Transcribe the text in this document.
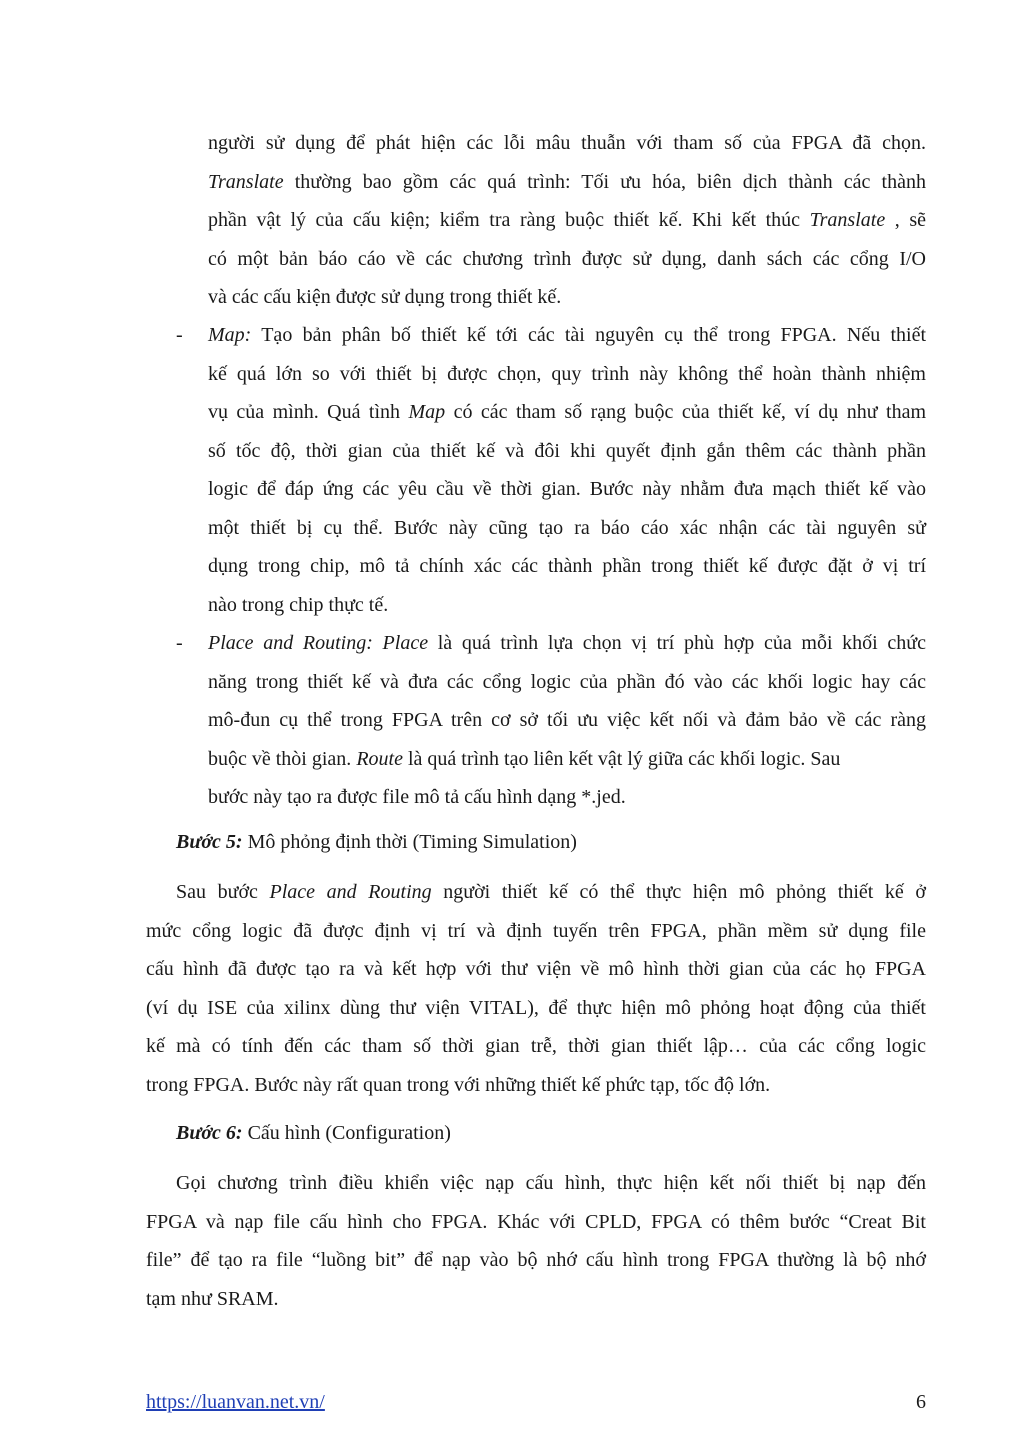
người sử dụng để phát hiện các lỗi mâu thuẫn với tham số của FPGA đã chọn.
Translate thường bao gồm các quá trình: Tối ưu hóa, biên dịch thành các thành
phần vật lý của cấu kiện; kiểm tra ràng buộc thiết kế. Khi kết thúc Translate , sẽ
có một bản báo cáo về các chương trình được sử dụng, danh sách các cổng I/O
và các cấu kiện được sử dụng trong thiết kế.
-	Map: Tạo bản phân bố thiết kế tới các tài nguyên cụ thể trong FPGA. Nếu thiết
kế quá lớn so với thiết bị được chọn, quy trình này không thể hoàn thành nhiệm
vụ của mình. Quá tình Map có các tham số rạng buộc của thiết kế, ví dụ như tham
số tốc độ, thời gian của thiết kế và đôi khi quyết định gắn thêm các thành phần
logic để đáp ứng các yêu cầu về thời gian. Bước này nhằm đưa mạch thiết kế vào
một thiết bị cụ thể. Bước này cũng tạo ra báo cáo xác nhận các tài nguyên sử
dụng trong chip, mô tả chính xác các thành phần trong thiết kế được đặt ở vị trí
nào trong chip thực tế.
-	Place and Routing: Place là quá trình lựa chọn vị trí phù hợp của mỗi khối chức
năng trong thiết kế và đưa các cổng logic của phần đó vào các khối logic hay các
mô-đun cụ thể trong FPGA trên cơ sở tối ưu việc kết nối và đảm bảo về các ràng
buộc về thòi gian. Route là quá trình tạo liên kết vật lý giữa các khối logic. Sau
bước này tạo ra được file mô tả cấu hình dạng *.jed.
Bước 5: Mô phỏng định thời (Timing Simulation)
Sau bước Place and Routing người thiết kế có thể thực hiện mô phỏng thiết kế ở
mức cổng logic đã được định vị trí và định tuyến trên FPGA, phần mềm sử dụng file
cấu hình đã được tạo ra và kết hợp với thư viện về mô hình thời gian của các họ FPGA
(ví dụ ISE của xilinx dùng thư viện VITAL), để thực hiện mô phỏng hoạt động của thiết
kế mà có tính đến các tham số thời gian trễ, thời gian thiết lập… của các cổng logic
trong FPGA. Bước này rất quan trong với những thiết kế phức tạp, tốc độ lớn.
Bước 6: Cấu hình (Configuration)
Gọi chương trình điều khiển việc nạp cấu hình, thực hiện kết nối thiết bị nạp đến
FPGA và nạp file cấu hình cho FPGA. Khác với CPLD, FPGA có thêm bước “Creat Bit
file” để tạo ra file “luồng bit” để nạp vào bộ nhớ cấu hình trong FPGA thường là bộ nhớ
tạm như SRAM.
https://luanvan.net.vn/	6
